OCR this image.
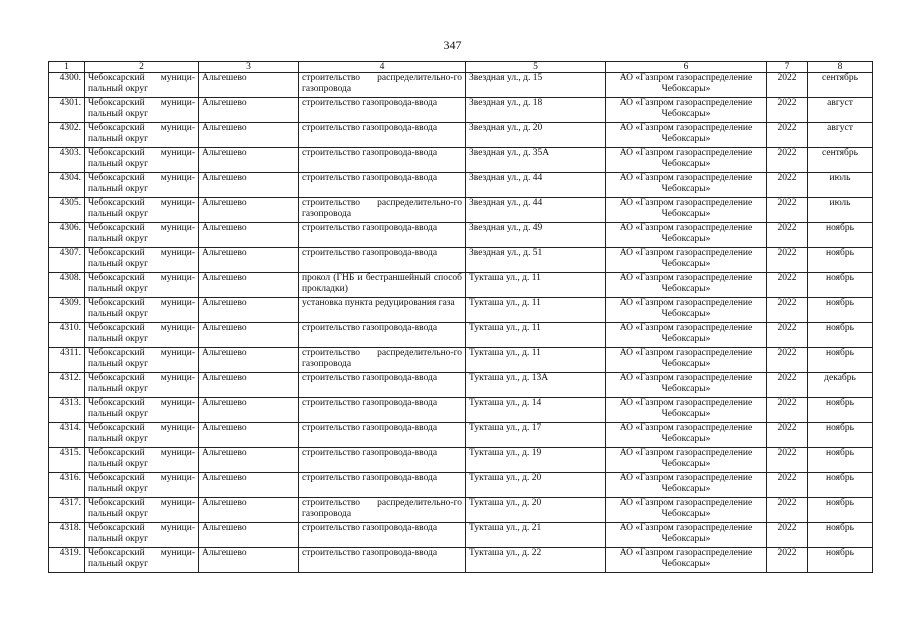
347
1	2	3	4	5	6	7	8
4300.	Чебоксарский муници-пальный округ	Альгешево	строительство распределительно-го газопровода	Звездная ул., д. 15	АО «Газпром газораспределение Чебоксары»	2022	сентябрь
4301.	Чебоксарский муници-пальный округ	Альгешево	строительство газопровода-ввода	Звездная ул., д. 18	АО «Газпром газораспределение Чебоксары»	2022	август
4302.	Чебоксарский муници-пальный округ	Альгешево	строительство газопровода-ввода	Звездная ул., д. 20	АО «Газпром газораспределение Чебоксары»	2022	август
4303.	Чебоксарский муници-пальный округ	Альгешево	строительство газопровода-ввода	Звездная ул., д. 35А	АО «Газпром газораспределение Чебоксары»	2022	сентябрь
4304.	Чебоксарский муници-пальный округ	Альгешево	строительство газопровода-ввода	Звездная ул., д. 44	АО «Газпром газораспределение Чебоксары»	2022	июль
4305.	Чебоксарский муници-пальный округ	Альгешево	строительство распределительно-го газопровода	Звездная ул., д. 44	АО «Газпром газораспределение Чебоксары»	2022	июль
4306.	Чебоксарский муници-пальный округ	Альгешево	строительство газопровода-ввода	Звездная ул., д. 49	АО «Газпром газораспределение Чебоксары»	2022	ноябрь
4307.	Чебоксарский муници-пальный округ	Альгешево	строительство газопровода-ввода	Звездная ул., д. 51	АО «Газпром газораспределение Чебоксары»	2022	ноябрь
4308.	Чебоксарский муници-пальный округ	Альгешево	прокол (ГНБ и бестраншейный способ прокладки)	Тукташа ул., д. 11	АО «Газпром газораспределение Чебоксары»	2022	ноябрь
4309.	Чебоксарский муници-пальный округ	Альгешево	установка пункта редуцирования газа	Тукташа ул., д. 11	АО «Газпром газораспределение Чебоксары»	2022	ноябрь
4310.	Чебоксарский муници-пальный округ	Альгешево	строительство газопровода-ввода	Тукташа ул., д. 11	АО «Газпром газораспределение Чебоксары»	2022	ноябрь
4311.	Чебоксарский муници-пальный округ	Альгешево	строительство распределительно-го газопровода	Тукташа ул., д. 11	АО «Газпром газораспределение Чебоксары»	2022	ноябрь
4312.	Чебоксарский муници-пальный округ	Альгешево	строительство газопровода-ввода	Тукташа ул., д. 13А	АО «Газпром газораспределение Чебоксары»	2022	декабрь
4313.	Чебоксарский муници-пальный округ	Альгешево	строительство газопровода-ввода	Тукташа ул., д. 14	АО «Газпром газораспределение Чебоксары»	2022	ноябрь
4314.	Чебоксарский муници-пальный округ	Альгешево	строительство газопровода-ввода	Тукташа ул., д. 17	АО «Газпром газораспределение Чебоксары»	2022	ноябрь
4315.	Чебоксарский муници-пальный округ	Альгешево	строительство газопровода-ввода	Тукташа ул., д. 19	АО «Газпром газораспределение Чебоксары»	2022	ноябрь
4316.	Чебоксарский муници-пальный округ	Альгешево	строительство газопровода-ввода	Тукташа ул., д. 20	АО «Газпром газораспределение Чебоксары»	2022	ноябрь
4317.	Чебоксарский муници-пальный округ	Альгешево	строительство распределительно-го газопровода	Тукташа ул., д. 20	АО «Газпром газораспределение Чебоксары»	2022	ноябрь
4318.	Чебоксарский муници-пальный округ	Альгешево	строительство газопровода-ввода	Тукташа ул., д. 21	АО «Газпром газораспределение Чебоксары»	2022	ноябрь
4319.	Чебоксарский муници-пальный округ	Альгешево	строительство газопровода-ввода	Тукташа ул., д. 22	АО «Газпром газораспределение Чебоксары»	2022	ноябрь
